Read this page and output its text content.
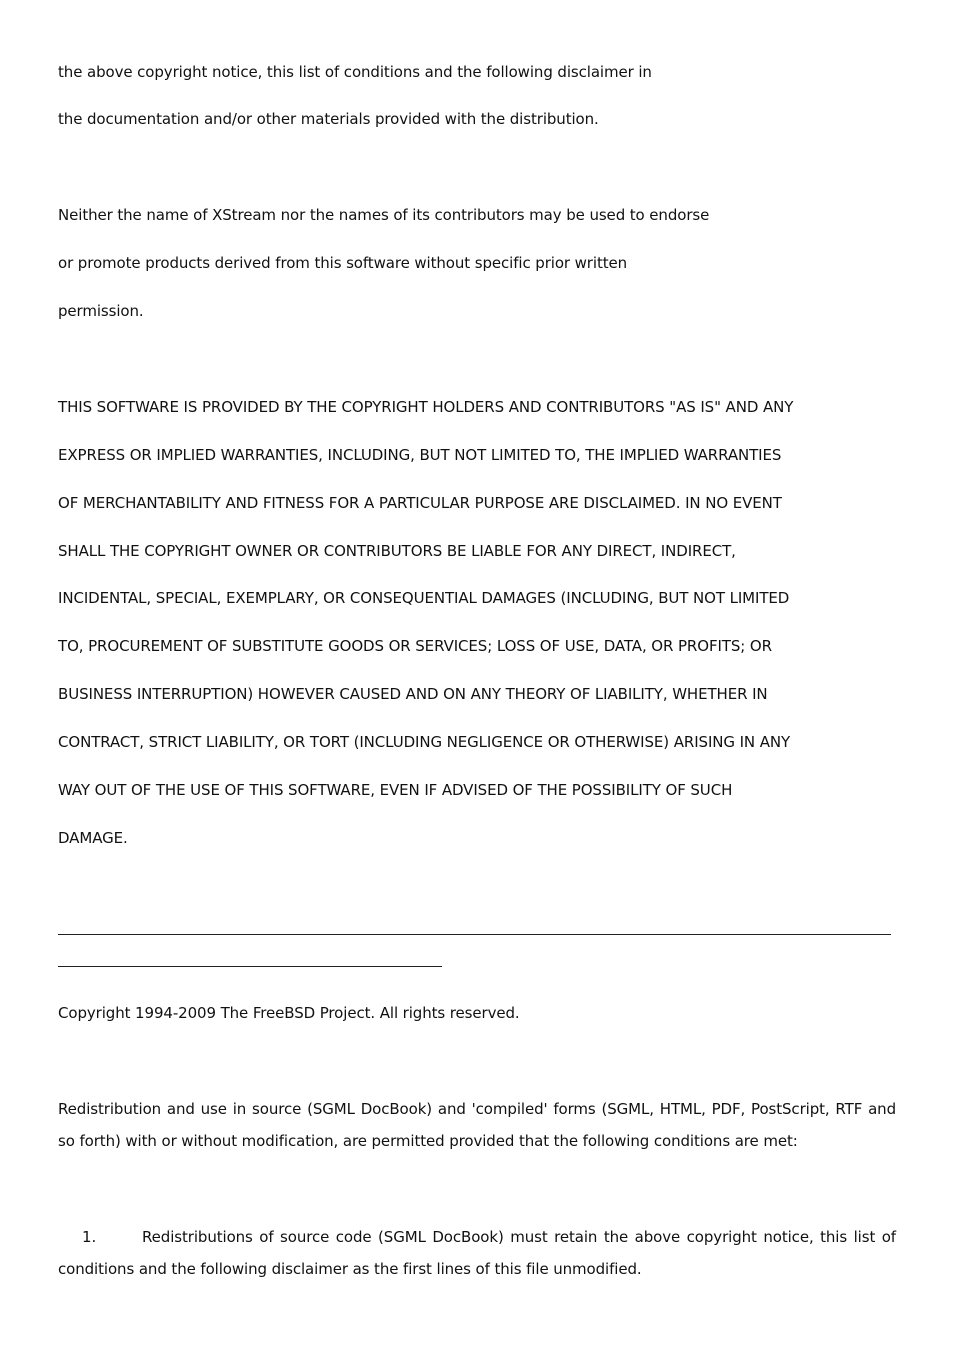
the above copyright notice, this list of conditions and the following disclaimer in
the documentation and/or other materials provided with the distribution.
Neither the name of XStream nor the names of its contributors may be used to endorse
or promote products derived from this software without specific prior written
permission.
THIS SOFTWARE IS PROVIDED BY THE COPYRIGHT HOLDERS AND CONTRIBUTORS "AS IS" AND ANY
EXPRESS OR IMPLIED WARRANTIES, INCLUDING, BUT NOT LIMITED TO, THE IMPLIED WARRANTIES
OF MERCHANTABILITY AND FITNESS FOR A PARTICULAR PURPOSE ARE DISCLAIMED. IN NO EVENT
SHALL THE COPYRIGHT OWNER OR CONTRIBUTORS BE LIABLE FOR ANY DIRECT, INDIRECT,
INCIDENTAL, SPECIAL, EXEMPLARY, OR CONSEQUENTIAL DAMAGES (INCLUDING, BUT NOT LIMITED
TO, PROCUREMENT OF SUBSTITUTE GOODS OR SERVICES; LOSS OF USE, DATA, OR PROFITS; OR
BUSINESS INTERRUPTION) HOWEVER CAUSED AND ON ANY THEORY OF LIABILITY, WHETHER IN
CONTRACT, STRICT LIABILITY, OR TORT (INCLUDING NEGLIGENCE OR OTHERWISE) ARISING IN ANY
WAY OUT OF THE USE OF THIS SOFTWARE, EVEN IF ADVISED OF THE POSSIBILITY OF SUCH
DAMAGE.
Copyright 1994-2009 The FreeBSD Project. All rights reserved.
Redistribution and use in source (SGML DocBook) and 'compiled' forms (SGML, HTML, PDF, PostScript, RTF and so forth) with or without modification, are permitted provided that the following conditions are met:
1.	Redistributions of source code (SGML DocBook) must retain the above copyright notice, this list of conditions and the following disclaimer as the first lines of this file unmodified.
